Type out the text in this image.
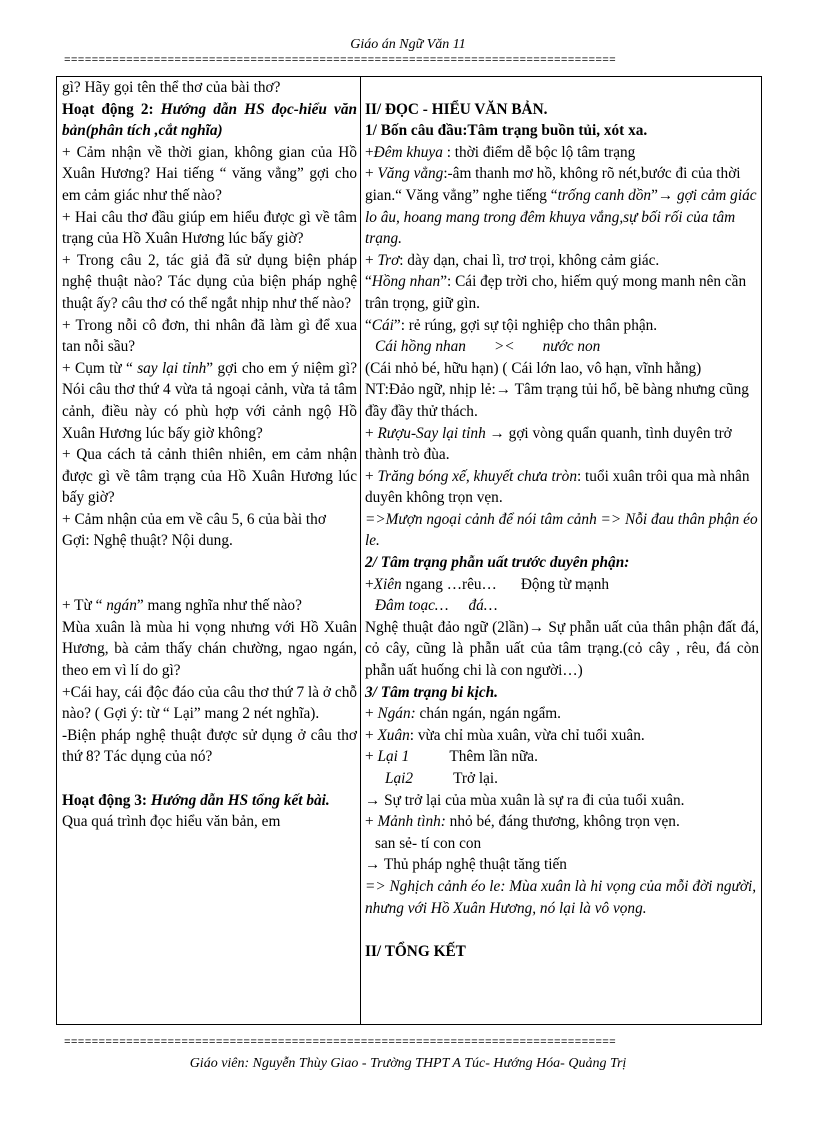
Giáo án Ngữ Văn 11
================================================================================

gì? Hãy gọi tên thể thơ của bài thơ?

Hoạt động 2: Hướng dẫn HS đọc-hiểu văn bản(phân tích ,cắt nghĩa)

+ Cảm nhận về thời gian, không gian của Hồ Xuân Hương? Hai tiếng “ văng vẳng” gợi cho em cảm giác như thế nào?

+ Hai câu thơ đầu giúp em hiểu được gì về tâm trạng của Hồ Xuân Hương lúc bấy giờ?

+ Trong câu 2, tác giả đã sử dụng biện pháp nghệ thuật nào? Tác dụng của biện pháp nghệ thuật ấy? câu thơ có thể ngắt nhịp như thế nào?

+ Trong nỗi cô đơn, thi nhân đã làm gì để xua tan nỗi sầu?

+ Cụm từ “ say lại tỉnh” gợi cho em ý niệm gì? Nói câu thơ thứ 4 vừa tả ngoại cảnh, vừa tả tâm cảnh, điều này có phù hợp với cảnh ngộ Hồ Xuân Hương lúc bấy giờ không?

+ Qua cách tả cảnh thiên nhiên, em cảm nhận được gì về tâm trạng của Hồ Xuân Hương lúc bấy giờ?

+ Cảm nhận của em về câu 5, 6 của bài thơ

Gợi: Nghệ thuật? Nội dung.

+ Từ “ ngán” mang nghĩa như thế nào?

Mùa xuân là mùa hi vọng nhưng với Hồ Xuân Hương, bà cảm thấy chán chường, ngao ngán, theo em vì lí do gì?

+Cái hay, cái độc đáo của câu thơ thứ 7 là ở chỗ nào? ( Gợi ý: từ “ Lại” mang 2 nét nghĩa).

-Biện pháp nghệ thuật được sử dụng ở câu thơ thứ 8? Tác dụng của nó?

Hoạt động 3: Hướng dẫn HS tổng kết bài.

Qua quá trình đọc hiểu văn bản, em

II/ ĐỌC - HIỂU VĂN BẢN.

1/ Bốn câu đầu:Tâm trạng buồn tủi, xót xa.

+Đêm khuya : thời điểm dễ bộc lộ tâm trạng

+ Văng vẳng:-âm thanh mơ hồ, không rõ nét,bước đi của thời gian.“ Văng vẳng” nghe tiếng “trống canh dồn”→ gợi cảm giác lo âu, hoang mang trong đêm khuya vắng,sự bối rối của tâm trạng.

+ Trơ: dày dạn, chai lì, trơ trọi, không cảm giác.

“Hồng nhan”: Cái đẹp trời cho, hiếm quý mong manh nên cần trân trọng, giữ gìn.

“Cái”: rẻ rúng, gợi sự tội nghiệp cho thân phận.

Cái hồng nhan >< nước non

(Cái nhỏ bé, hữu hạn) ( Cái lớn lao, vô hạn, vĩnh hằng)

NT:Đảo ngữ, nhịp lẻ:→ Tâm trạng tủi hổ, bẽ bàng nhưng cũng đầy đầy thử thách.

+ Rượu-Say lại tỉnh → gợi vòng quẩn quanh, tình duyên trở thành trò đùa.

+ Trăng bóng xế, khuyết chưa tròn: tuổi xuân trôi qua mà nhân duyên không trọn vẹn.

=>Mượn ngoại cảnh để nói tâm cảnh => Nỗi đau thân phận éo le.

2/ Tâm trạng phẫn uất trước duyên phận:

+Xiên ngang …rêu… Động từ mạnh

Đâm toạc… đá…

Nghệ thuật đảo ngữ (2lần)→ Sự phẫn uất của thân phận đất đá, cỏ cây, cũng là phẫn uất của tâm trạng.(cỏ cây , rêu, đá còn phẫn uất huống chi là con người…)

3/ Tâm trạng bi kịch.

+ Ngán: chán ngán, ngán ngẩm.

+ Xuân: vừa chỉ mùa xuân, vừa chỉ tuổi xuân.

+ Lại 1	Thêm lần nữa.

Lại2	Trở lại.

→ Sự trở lại của mùa xuân là sự ra đi của tuổi xuân.

+ Mảnh tình: nhỏ bé, đáng thương, không trọn vẹn.

san sẻ- tí con con

→ Thủ pháp nghệ thuật tăng tiến

=> Nghịch cảnh éo le: Mùa xuân là hi vọng của mỗi đời người, nhưng với Hồ Xuân Hương, nó lại là vô vọng.

II/ TỔNG KẾT

================================================================================
Giáo viên: Nguyễn Thùy Giao - Trường THPT A Túc- Hướng Hóa- Quảng Trị
